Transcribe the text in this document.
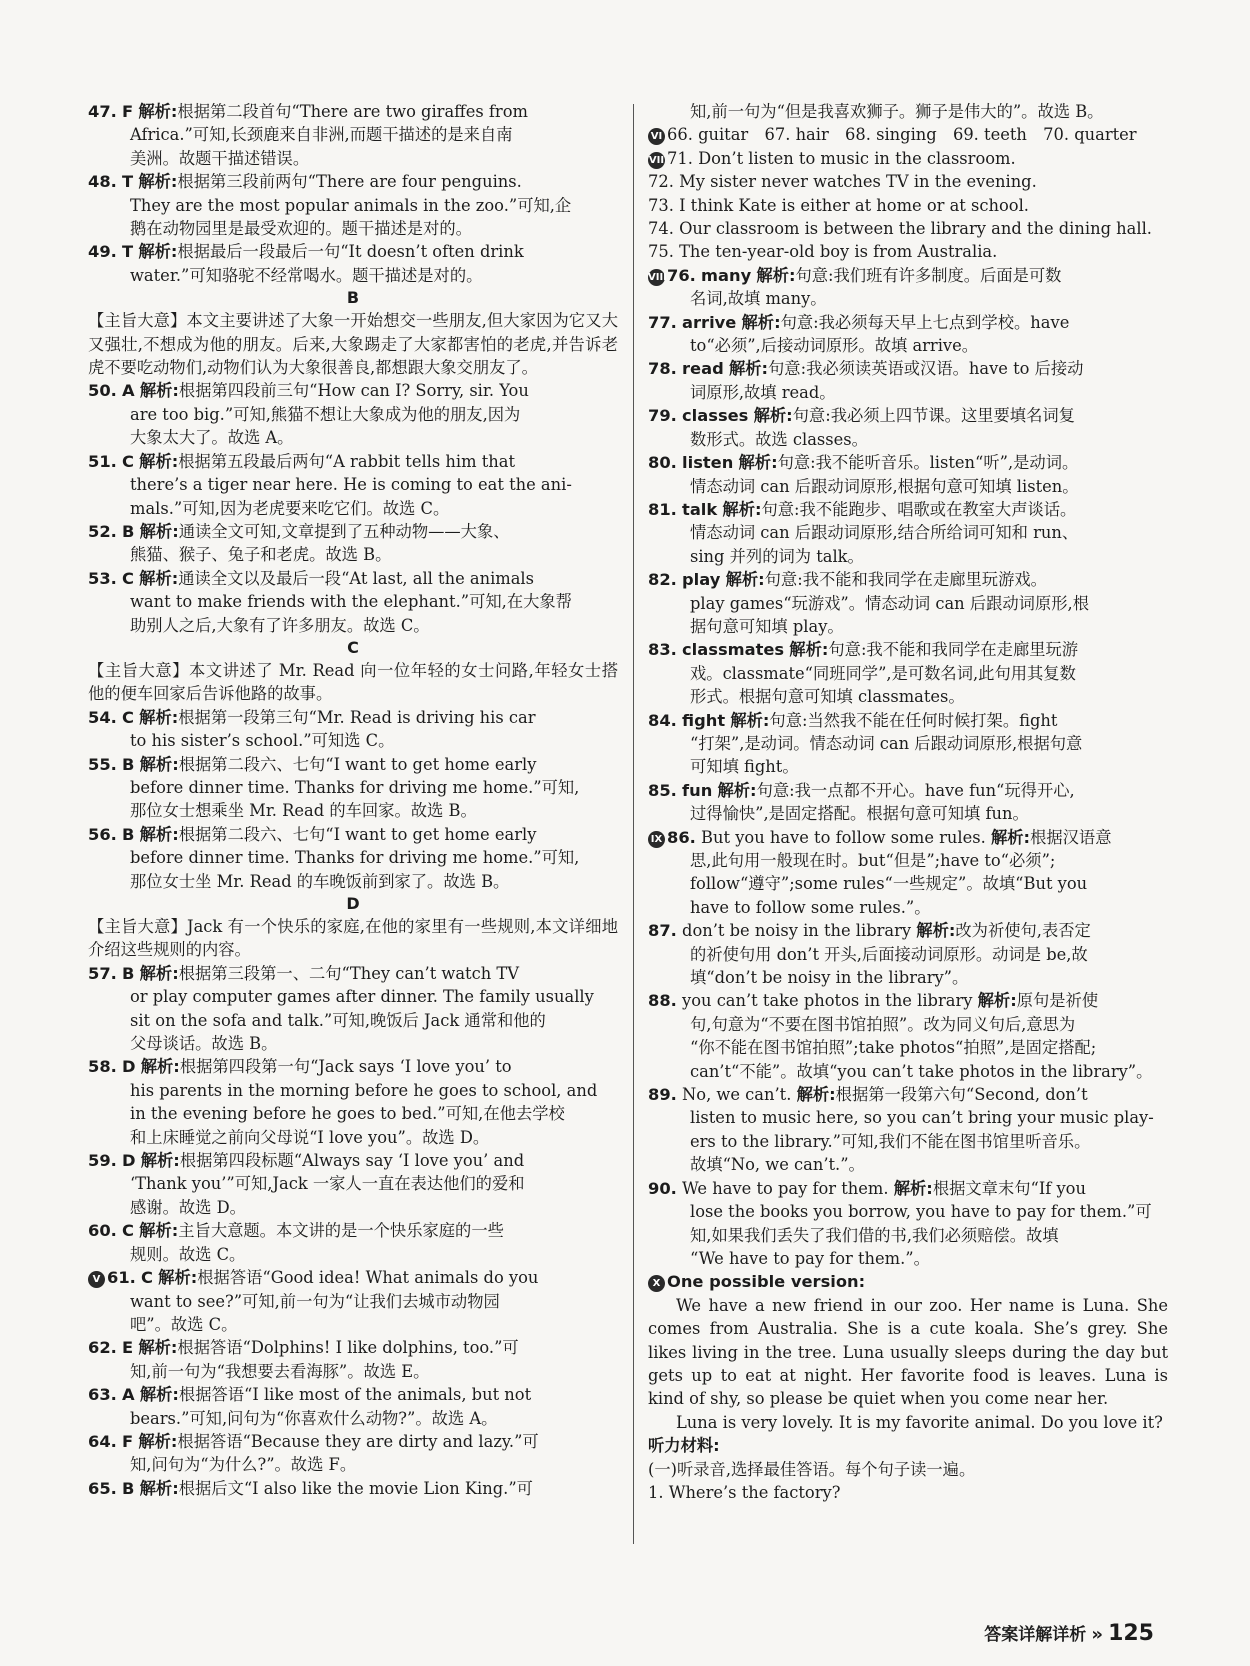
47. F 解析:根据第二段首句“There are two giraffes from
Africa.”可知,长颈鹿来自非洲,而题干描述的是来自南
美洲。故题干描述错误。
48. T 解析:根据第三段前两句“There are four penguins.
They are the most popular animals in the zoo.”可知,企
鹅在动物园里是最受欢迎的。题干描述是对的。
49. T 解析:根据最后一段最后一句“It doesn’t often drink
water.”可知骆驼不经常喝水。题干描述是对的。
B
【主旨大意】本文主要讲述了大象一开始想交一些朋友,但大家因为它又大又强壮,不想成为他的朋友。后来,大象踢走了大家都害怕的老虎,并告诉老虎不要吃动物们,动物们认为大象很善良,都想跟大象交朋友了。
50. A 解析:根据第四段前三句“How can I? Sorry, sir. You
are too big.”可知,熊猫不想让大象成为他的朋友,因为
大象太大了。故选 A。
51. C 解析:根据第五段最后两句“A rabbit tells him that
there’s a tiger near here. He is coming to eat the ani-
mals.”可知,因为老虎要来吃它们。故选 C。
52. B 解析:通读全文可知,文章提到了五种动物——大象、
熊猫、猴子、兔子和老虎。故选 B。
53. C 解析:通读全文以及最后一段“At last, all the animals
want to make friends with the elephant.”可知,在大象帮
助别人之后,大象有了许多朋友。故选 C。
C
【主旨大意】本文讲述了 Mr. Read 向一位年轻的女士问路,年轻女士搭他的便车回家后告诉他路的故事。
54. C 解析:根据第一段第三句“Mr. Read is driving his car
to his sister’s school.”可知选 C。
55. B 解析:根据第二段六、七句“I want to get home early
before dinner time. Thanks for driving me home.”可知,
那位女士想乘坐 Mr. Read 的车回家。故选 B。
56. B 解析:根据第二段六、七句“I want to get home early
before dinner time. Thanks for driving me home.”可知,
那位女士坐 Mr. Read 的车晚饭前到家了。故选 B。
D
【主旨大意】Jack 有一个快乐的家庭,在他的家里有一些规则,本文详细地介绍这些规则的内容。
57. B 解析:根据第三段第一、二句“They can’t watch TV
or play computer games after dinner. The family usually
sit on the sofa and talk.”可知,晚饭后 Jack 通常和他的
父母谈话。故选 B。
58. D 解析:根据第四段第一句“Jack says ‘I love you’ to
his parents in the morning before he goes to school, and
in the evening before he goes to bed.”可知,在他去学校
和上床睡觉之前向父母说“I love you”。故选 D。
59. D 解析:根据第四段标题“Always say ‘I love you’ and
‘Thank you’”可知,Jack 一家人一直在表达他们的爱和
感谢。故选 D。
60. C 解析:主旨大意题。本文讲的是一个快乐家庭的一些
规则。故选 C。
V 61. C 解析:根据答语“Good idea! What animals do you
want to see?”可知,前一句为“让我们去城市动物园
吧”。故选 C。
62. E 解析:根据答语“Dolphins! I like dolphins, too.”可
知,前一句为“我想要去看海豚”。故选 E。
63. A 解析:根据答语“I like most of the animals, but not
bears.”可知,问句为“你喜欢什么动物?”。故选 A。
64. F 解析:根据答语“Because they are dirty and lazy.”可
知,问句为“为什么?”。故选 F。
65. B 解析:根据后文“I also like the movie Lion King.”可
知,前一句为“但是我喜欢狮子。狮子是伟大的”。故选 B。
VI 66. guitar　67. hair　68. singing　69. teeth　70. quarter
VII 71. Don’t listen to music in the classroom.
72. My sister never watches TV in the evening.
73. I think Kate is either at home or at school.
74. Our classroom is between the library and the dining hall.
75. The ten-year-old boy is from Australia.
VIII76. many 解析:句意:我们班有许多制度。后面是可数
名词,故填 many。
77. arrive 解析:句意:我必须每天早上七点到学校。have
to“必须”,后接动词原形。故填 arrive。
78. read 解析:句意:我必须读英语或汉语。have to 后接动
词原形,故填 read。
79. classes 解析:句意:我必须上四节课。这里要填名词复
数形式。故选 classes。
80. listen 解析:句意:我不能听音乐。listen“听”,是动词。
情态动词 can 后跟动词原形,根据句意可知填 listen。
81. talk 解析:句意:我不能跑步、唱歌或在教室大声谈话。
情态动词 can 后跟动词原形,结合所给词可知和 run、
sing 并列的词为 talk。
82. play 解析:句意:我不能和我同学在走廊里玩游戏。
play games“玩游戏”。情态动词 can 后跟动词原形,根
据句意可知填 play。
83. classmates 解析:句意:我不能和我同学在走廊里玩游
戏。classmate“同班同学”,是可数名词,此句用其复数
形式。根据句意可知填 classmates。
84. fight 解析:句意:当然我不能在任何时候打架。fight
“打架”,是动词。情态动词 can 后跟动词原形,根据句意
可知填 fight。
85. fun 解析:句意:我一点都不开心。have fun“玩得开心,
过得愉快”,是固定搭配。根据句意可知填 fun。
IX 86. But you have to follow some rules. 解析:根据汉语意
思,此句用一般现在时。but“但是”;have to“必须”;
follow“遵守”;some rules“一些规定”。故填“But you
have to follow some rules.”。
87. don’t be noisy in the library 解析:改为祈使句,表否定
的祈使句用 don’t 开头,后面接动词原形。动词是 be,故
填“don’t be noisy in the library”。
88. you can’t take photos in the library 解析:原句是祈使
句,句意为“不要在图书馆拍照”。改为同义句后,意思为
“你不能在图书馆拍照”;take photos“拍照”,是固定搭配;
can’t“不能”。故填“you can’t take photos in the library”。
89. No, we can’t. 解析:根据第一段第六句“Second, don’t
listen to music here, so you can’t bring your music play-
ers to the library.”可知,我们不能在图书馆里听音乐。
故填“No, we can’t.”。
90. We have to pay for them. 解析:根据文章末句“If you
lose the books you borrow, you have to pay for them.”可
知,如果我们丢失了我们借的书,我们必须赔偿。故填
“We have to pay for them.”。
X One possible version:
We have a new friend in our zoo. Her name is Luna. She comes from Australia. She is a cute koala. She’s grey. She likes living in the tree. Luna usually sleeps during the day but gets up to eat at night. Her favorite food is leaves. Luna is kind of shy, so please be quiet when you come near her.
Luna is very lovely. It is my favorite animal. Do you love it?
听力材料:
(一)听录音,选择最佳答语。每个句子读一遍。
1. Where’s the factory?
答案详解详析 » 125
